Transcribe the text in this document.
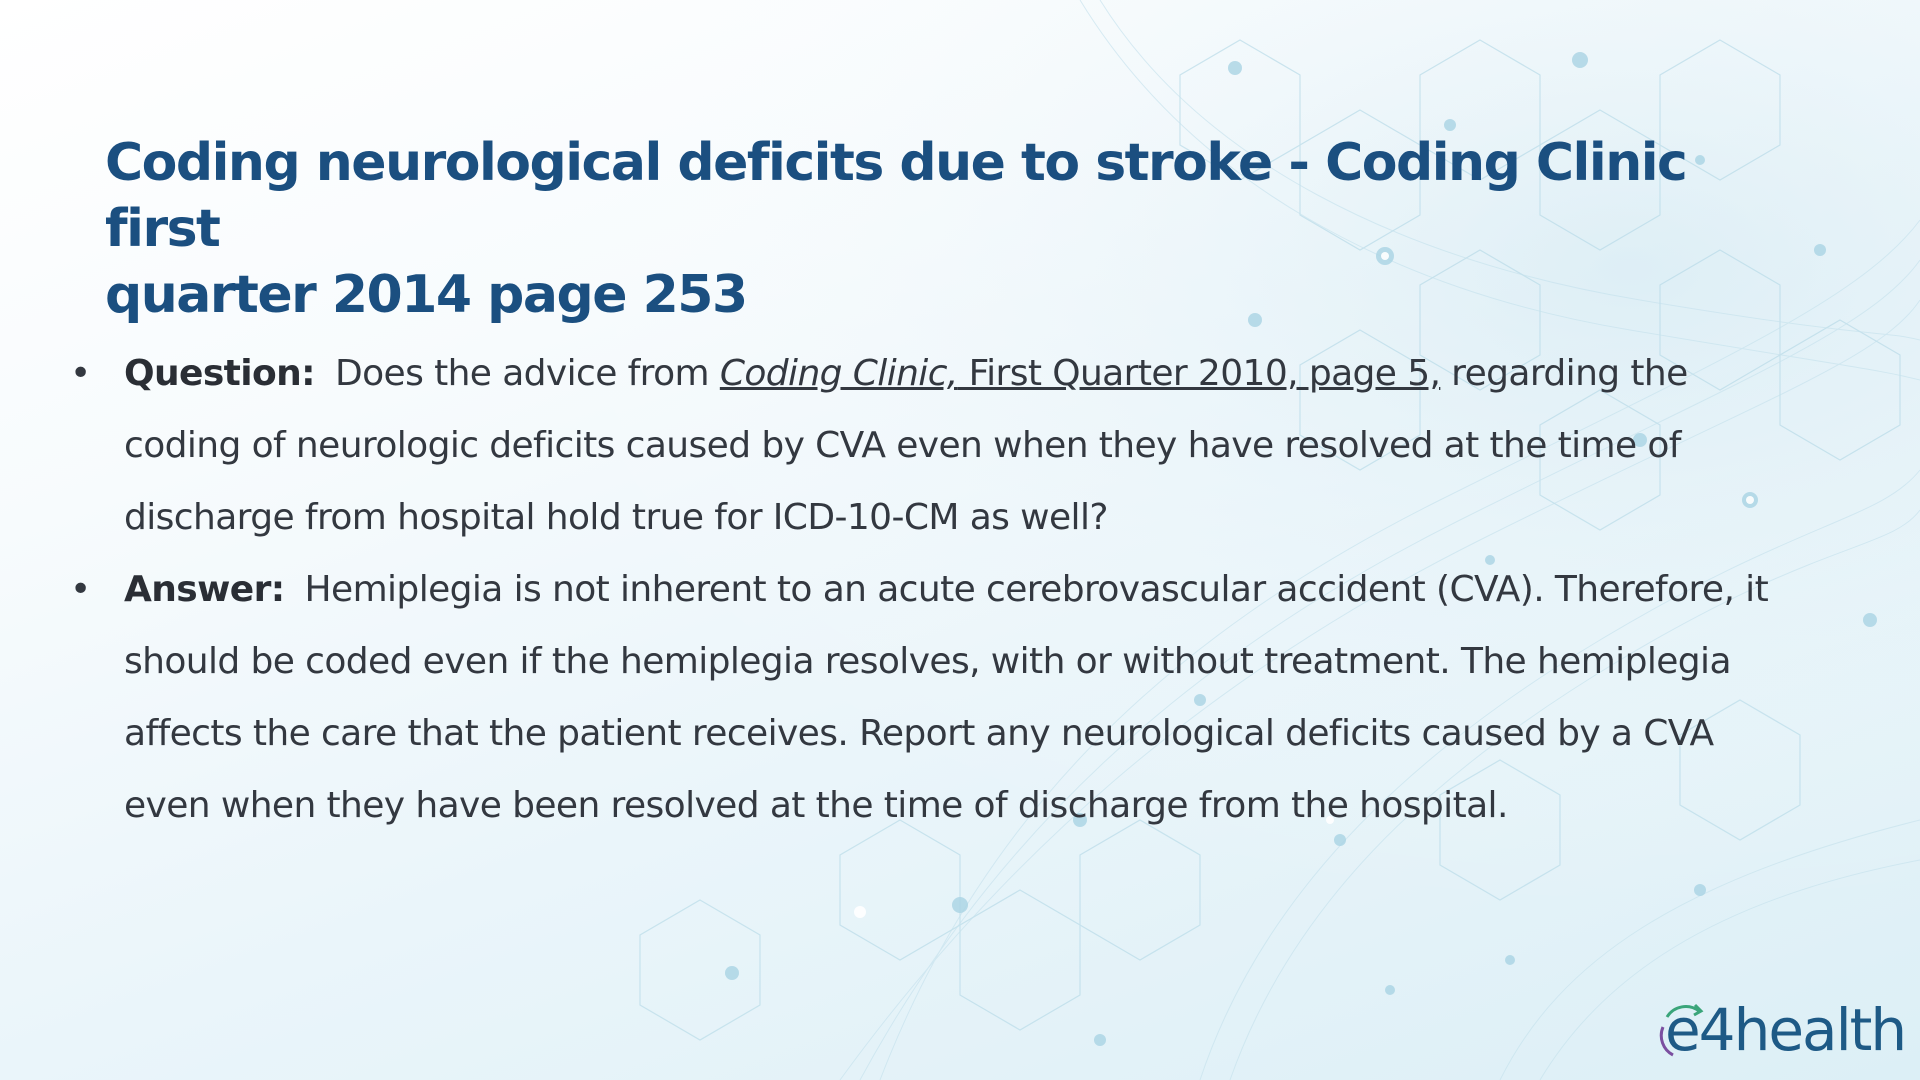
Coding neurological deficits due to stroke - Coding Clinic first
quarter 2014 page 253
• Question: Does the advice from Coding Clinic, First Quarter 2010, page 5, regarding the coding of neurologic deficits caused by CVA even when they have resolved at the time of discharge from hospital hold true for ICD-10-CM as well?
• Answer: Hemiplegia is not inherent to an acute cerebrovascular accident (CVA). Therefore, it should be coded even if the hemiplegia resolves, with or without treatment. The hemiplegia affects the care that the patient receives. Report any neurological deficits caused by a CVA even when they have been resolved at the time of discharge from the hospital.
e4health
